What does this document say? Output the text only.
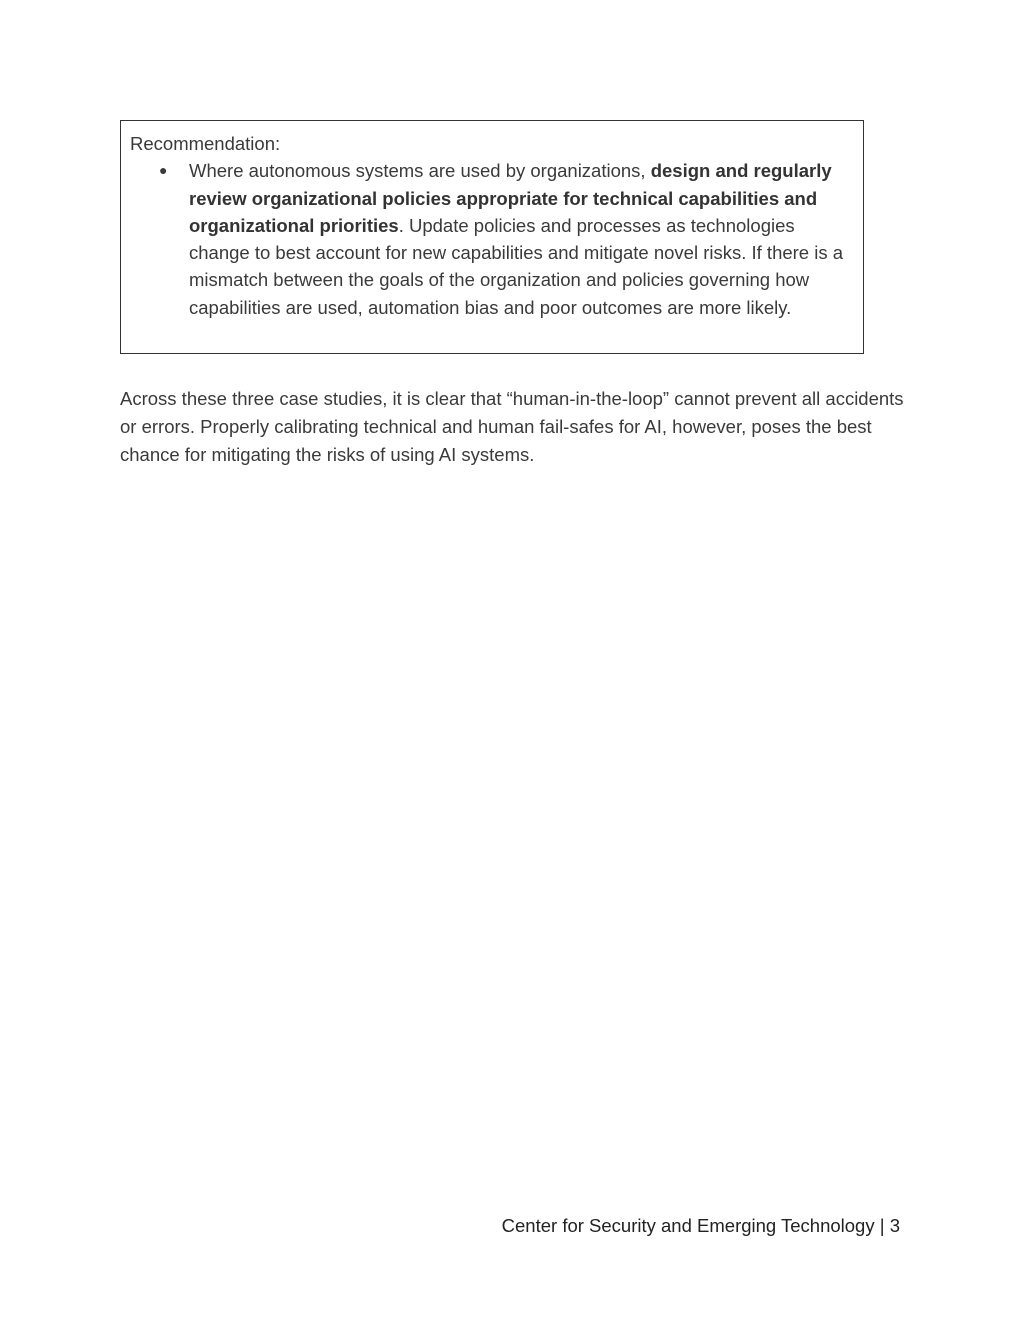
Recommendation:
● Where autonomous systems are used by organizations, design and regularly review organizational policies appropriate for technical capabilities and organizational priorities. Update policies and processes as technologies change to best account for new capabilities and mitigate novel risks. If there is a mismatch between the goals of the organization and policies governing how capabilities are used, automation bias and poor outcomes are more likely.

Across these three case studies, it is clear that “human-in-the-loop” cannot prevent all accidents or errors. Properly calibrating technical and human fail-safes for AI, however, poses the best chance for mitigating the risks of using AI systems.

Center for Security and Emerging Technology | 3
